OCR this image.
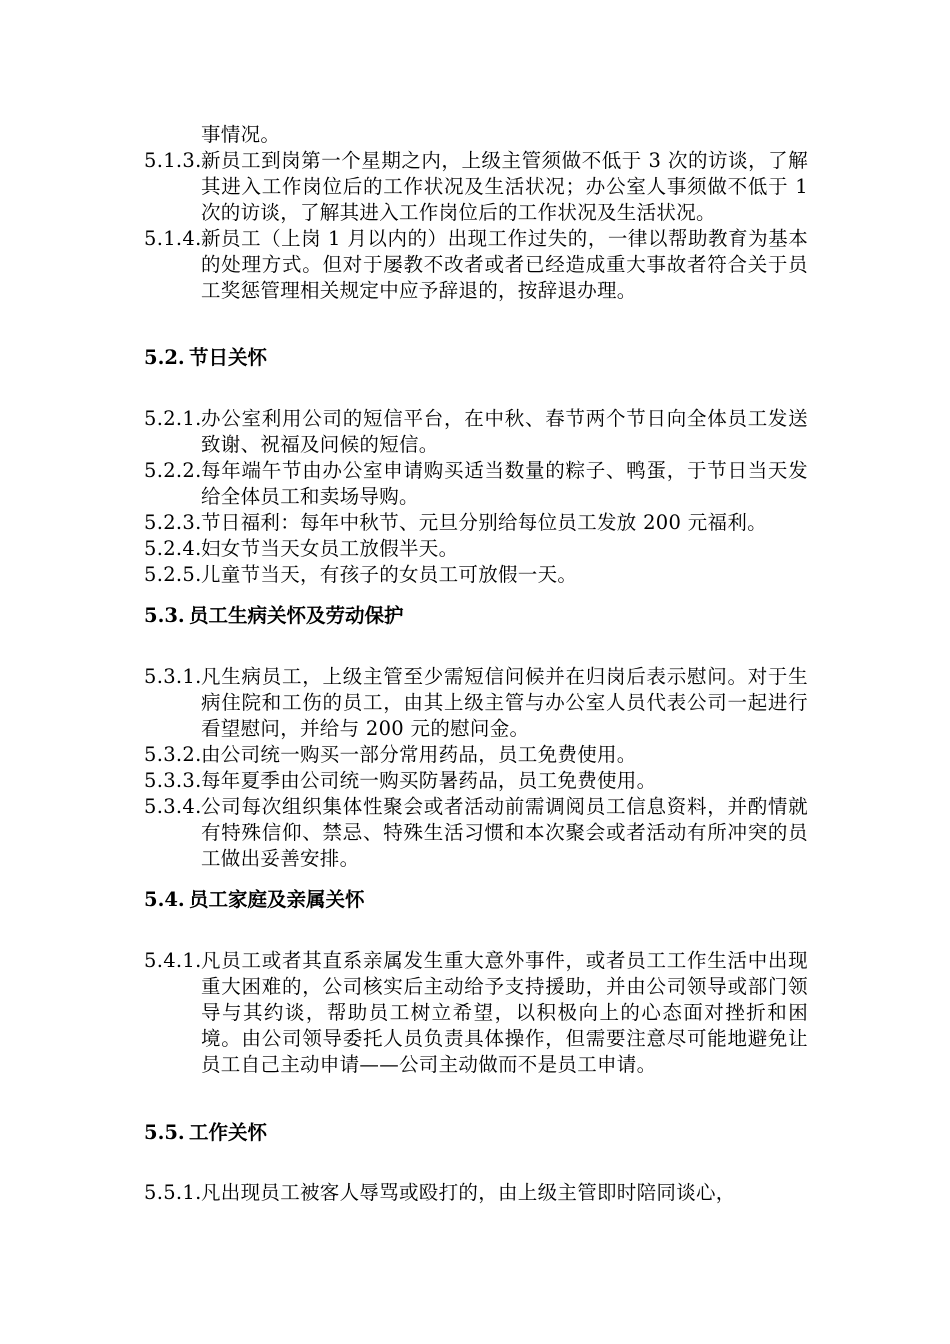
事情况。
5.1.3. 新员工到岗第一个星期之内，上级主管须做不低于 3 次的访谈，了解其进入工作岗位后的工作状况及生活状况；办公室人事须做不低于 1 次的访谈，了解其进入工作岗位后的工作状况及生活状况。
5.1.4. 新员工（上岗 1 月以内的）出现工作过失的，一律以帮助教育为基本的处理方式。但对于屡教不改者或者已经造成重大事故者符合关于员工奖惩管理相关规定中应予辞退的，按辞退办理。
5.2. 节日关怀
5.2.1. 办公室利用公司的短信平台，在中秋、春节两个节日向全体员工发送致谢、祝福及问候的短信。
5.2.2. 每年端午节由办公室申请购买适当数量的粽子、鸭蛋，于节日当天发给全体员工和卖场导购。
5.2.3. 节日福利：每年中秋节、元旦分别给每位员工发放 200 元福利。
5.2.4. 妇女节当天女员工放假半天。
5.2.5. 儿童节当天，有孩子的女员工可放假一天。
5.3. 员工生病关怀及劳动保护
5.3.1. 凡生病员工，上级主管至少需短信问候并在归岗后表示慰问。对于生病住院和工伤的员工，由其上级主管与办公室人员代表公司一起进行看望慰问，并给与 200 元的慰问金。
5.3.2. 由公司统一购买一部分常用药品，员工免费使用。
5.3.3. 每年夏季由公司统一购买防暑药品，员工免费使用。
5.3.4. 公司每次组织集体性聚会或者活动前需调阅员工信息资料，并酌情就有特殊信仰、禁忌、特殊生活习惯和本次聚会或者活动有所冲突的员工做出妥善安排。
5.4. 员工家庭及亲属关怀
5.4.1. 凡员工或者其直系亲属发生重大意外事件，或者员工工作生活中出现重大困难的，公司核实后主动给予支持援助，并由公司领导或部门领导与其约谈，帮助员工树立希望，以积极向上的心态面对挫折和困境。由公司领导委托人员负责具体操作，但需要注意尽可能地避免让员工自己主动申请——公司主动做而不是员工申请。
5.5. 工作关怀
5.5.1. 凡出现员工被客人辱骂或殴打的，由上级主管即时陪同谈心，
